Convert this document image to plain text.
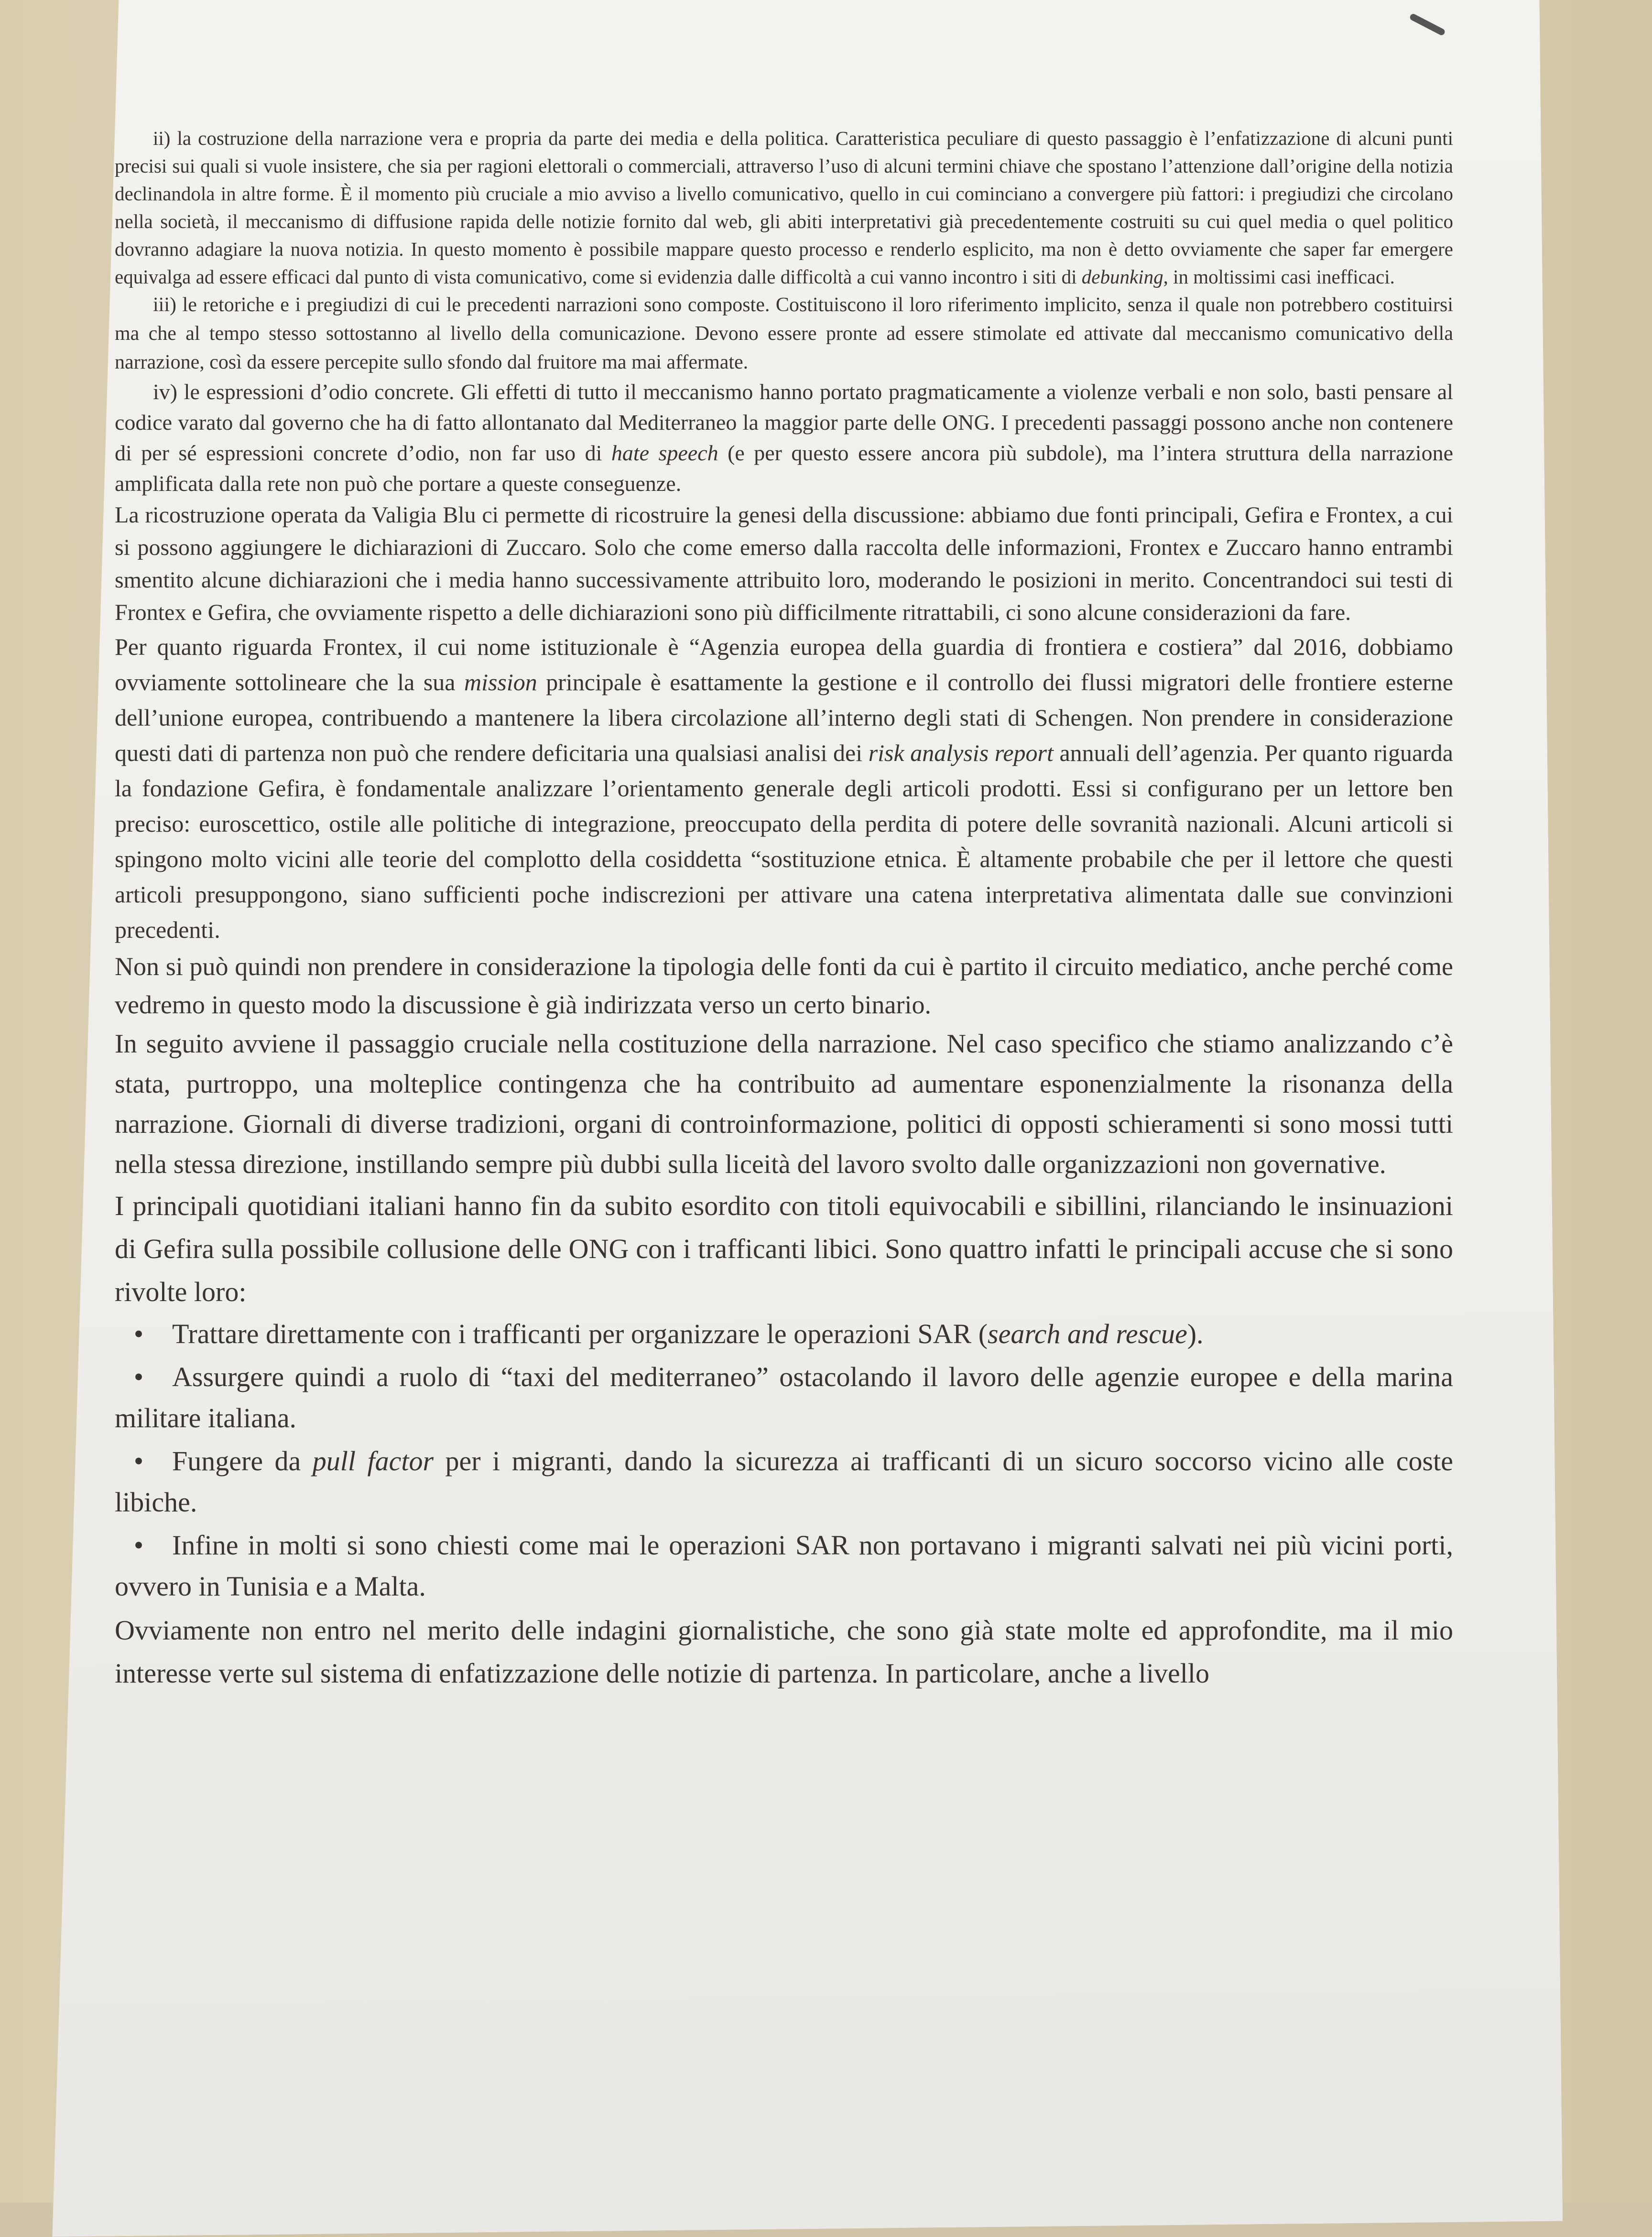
ii) la costruzione della narrazione vera e propria da parte dei media e della politica. Caratteristica peculiare di questo passaggio è l’enfatizzazione di alcuni punti precisi sui quali si vuole insistere, che sia per ragioni elettorali o commerciali, attraverso l’uso di alcuni termini chiave che spostano l’attenzione dall’origine della notizia declinandola in altre forme. È il momento più cruciale a mio avviso a livello comunicativo, quello in cui cominciano a convergere più fattori: i pregiudizi che circolano nella società, il meccanismo di diffusione rapida delle notizie fornito dal web, gli abiti interpretativi già precedentemente costruiti su cui quel media o quel politico dovranno adagiare la nuova notizia. In questo momento è possibile mappare questo processo e renderlo esplicito, ma non è detto ovviamente che saper far emergere equivalga ad essere efficaci dal punto di vista comunicativo, come si evidenzia dalle difficoltà a cui vanno incontro i siti di debunking, in moltissimi casi inefficaci.

iii) le retoriche e i pregiudizi di cui le precedenti narrazioni sono composte. Costituiscono il loro riferimento implicito, senza il quale non potrebbero costituirsi ma che al tempo stesso sottostanno al livello della comunicazione. Devono essere pronte ad essere stimolate ed attivate dal meccanismo comunicativo della narrazione, così da essere percepite sullo sfondo dal fruitore ma mai affermate.

iv) le espressioni d’odio concrete. Gli effetti di tutto il meccanismo hanno portato pragmaticamente a violenze verbali e non solo, basti pensare al codice varato dal governo che ha di fatto allontanato dal Mediterraneo la maggior parte delle ONG. I precedenti passaggi possono anche non contenere di per sé espressioni concrete d’odio, non far uso di hate speech (e per questo essere ancora più subdole), ma l’intera struttura della narrazione amplificata dalla rete non può che portare a queste conseguenze.

La ricostruzione operata da Valigia Blu ci permette di ricostruire la genesi della discussione: abbiamo due fonti principali, Gefira e Frontex, a cui si possono aggiungere le dichiarazioni di Zuccaro. Solo che come emerso dalla raccolta delle informazioni, Frontex e Zuccaro hanno entrambi smentito alcune dichiarazioni che i media hanno successivamente attribuito loro, moderando le posizioni in merito. Concentrandoci sui testi di Frontex e Gefira, che ovviamente rispetto a delle dichiarazioni sono più difficilmente ritrattabili, ci sono alcune considerazioni da fare.

Per quanto riguarda Frontex, il cui nome istituzionale è “Agenzia europea della guardia di frontiera e costiera” dal 2016, dobbiamo ovviamente sottolineare che la sua mission principale è esattamente la gestione e il controllo dei flussi migratori delle frontiere esterne dell’unione europea, contribuendo a mantenere la libera circolazione all’interno degli stati di Schengen. Non prendere in considerazione questi dati di partenza non può che rendere deficitaria una qualsiasi analisi dei risk analysis report annuali dell’agenzia. Per quanto riguarda la fondazione Gefira, è fondamentale analizzare l’orientamento generale degli articoli prodotti. Essi si configurano per un lettore ben preciso: euroscettico, ostile alle politiche di integrazione, preoccupato della perdita di potere delle sovranità nazionali. Alcuni articoli si spingono molto vicini alle teorie del complotto della cosiddetta “sostituzione etnica. È altamente probabile che per il lettore che questi articoli presuppongono, siano sufficienti poche indiscrezioni per attivare una catena interpretativa alimentata dalle sue convinzioni precedenti.

Non si può quindi non prendere in considerazione la tipologia delle fonti da cui è partito il circuito mediatico, anche perché come vedremo in questo modo la discussione è già indirizzata verso un certo binario.

In seguito avviene il passaggio cruciale nella costituzione della narrazione. Nel caso specifico che stiamo analizzando c’è stata, purtroppo, una molteplice contingenza che ha contribuito ad aumentare esponenzialmente la risonanza della narrazione. Giornali di diverse tradizioni, organi di controinformazione, politici di opposti schieramenti si sono mossi tutti nella stessa direzione, instillando sempre più dubbi sulla liceità del lavoro svolto dalle organizzazioni non governative.

I principali quotidiani italiani hanno fin da subito esordito con titoli equivocabili e sibillini, rilanciando le insinuazioni di Gefira sulla possibile collusione delle ONG con i trafficanti libici. Sono quattro infatti le principali accuse che si sono rivolte loro:

• Trattare direttamente con i trafficanti per organizzare le operazioni SAR (search and rescue).
• Assurgere quindi a ruolo di “taxi del mediterraneo” ostacolando il lavoro delle agenzie europee e della marina militare italiana.
• Fungere da pull factor per i migranti, dando la sicurezza ai trafficanti di un sicuro soccorso vicino alle coste libiche.
• Infine in molti si sono chiesti come mai le operazioni SAR non portavano i migranti salvati nei più vicini porti, ovvero in Tunisia e a Malta.

Ovviamente non entro nel merito delle indagini giornalistiche, che sono già state molte ed approfondite, ma il mio interesse verte sul sistema di enfatizzazione delle notizie di partenza. In particolare, anche a livello
